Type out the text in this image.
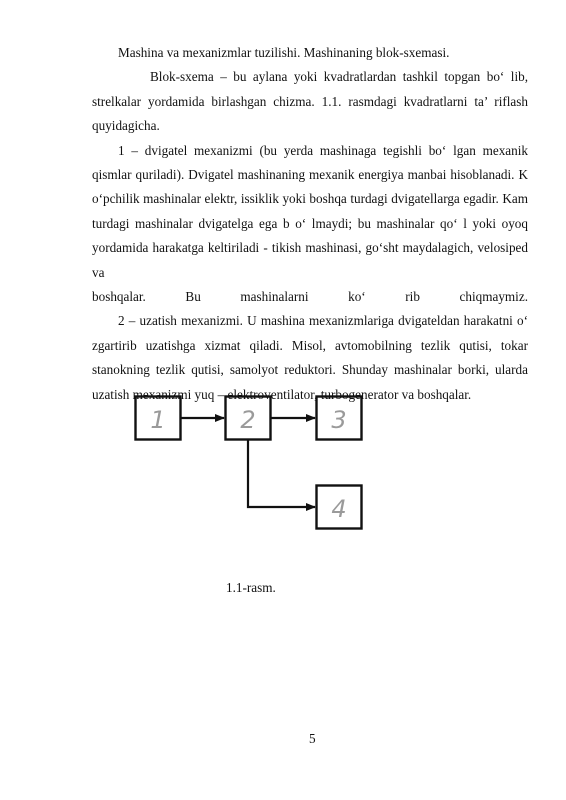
Mashina va mexanizmlar tuzilishi. Mashinaning blok-sxemasi.

Blok-sxema – bu aylana yoki kvadratlardan tashkil topgan bo‘ lib, strelkalar yordamida birlashgan chizma. 1.1. rasmdagi kvadratlarni ta’ riflash quyidagicha.

1 – dvigatel mexanizmi (bu yerda mashinaga tegishli bo‘ lgan mexanik qismlar quriladi). Dvigatel mashinaning mexanik energiya manbai hisoblanadi. K o‘pchilik mashinalar elektr, issiklik yoki boshqa turdagi dvigatellarga egadir. Kam turdagi mashinalar dvigatelga ega b o‘ lmaydi; bu mashinalar qo‘ l yoki oyoq yordamida harakatga keltiriladi - tikish mashinasi, go‘sht maydalagich, velosiped va

boshqalar. Bu mashinalarni ko‘ rib chiqmaymiz.

2 – uzatish mexanizmi. U mashina mexanizmlariga dvigateldan harakatni o‘ zgartirib uzatishga xizmat qiladi. Misol, avtomobilning tezlik qutisi, tokar stanokning tezlik qutisi, samolyot reduktori. Shunday mashinalar borki, ularda uzatish mexanizmi yuq – elektroventilator, turbogenerator va boshqalar.

1	2	3
4
1.1-rasm.
5
